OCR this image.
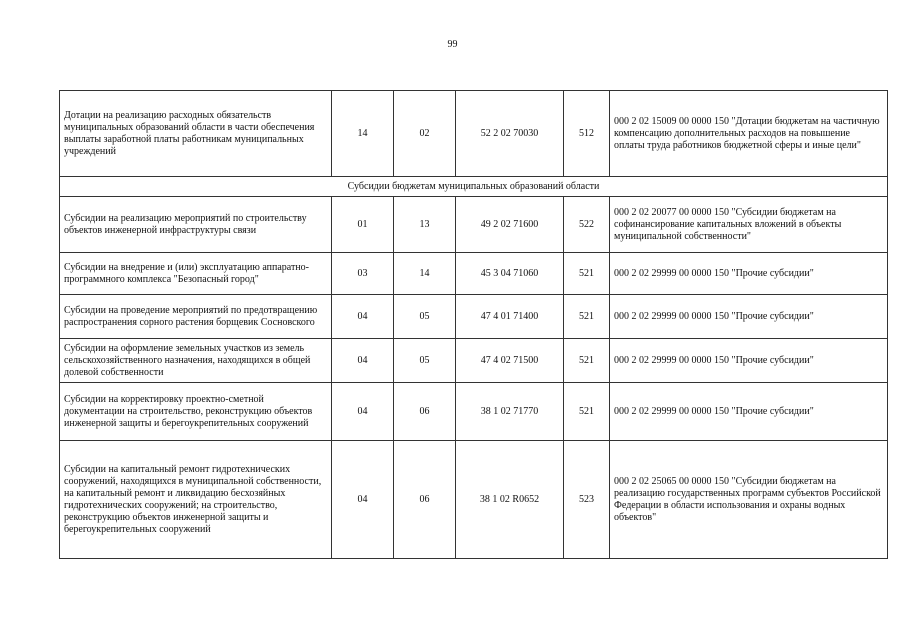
99
Дотации на реализацию расходных обязательств муниципальных образований области в части обеспечения выплаты заработной платы работникам муниципальных учреждений	14	02	52 2 02 70030	512	000 2 02 15009 00 0000 150 "Дотации бюджетам на частичную компенсацию дополнительных расходов на повышение оплаты труда работников бюджетной сферы и иные цели"
Субсидии бюджетам муниципальных образований области					
Субсидии на реализацию мероприятий по строительству объектов инженерной инфраструктуры связи	01	13	49 2 02 71600	522	000 2 02 20077 00 0000 150 "Субсидии бюджетам на софинансирование капитальных вложений в объекты муниципальной собственности"
Субсидии на внедрение и (или) эксплуатацию аппаратно-программного комплекса "Безопасный город"	03	14	45 3 04 71060	521	000 2 02 29999 00 0000 150 "Прочие субсидии"
Субсидии на проведение мероприятий по предотвращению распространения сорного растения борщевик Сосновского	04	05	47 4 01 71400	521	000 2 02 29999 00 0000 150 "Прочие субсидии"
Субсидии на оформление земельных участков из земель сельскохозяйственного назначения, находящихся в общей долевой собственности	04	05	47 4 02 71500	521	000 2 02 29999 00 0000 150 "Прочие субсидии"
Субсидии на корректировку проектно-сметной документации на строительство, реконструкцию объектов инженерной защиты и берегоукрепительных сооружений	04	06	38 1 02 71770	521	000 2 02 29999 00 0000 150 "Прочие субсидии"
Субсидии на капитальный ремонт гидротехнических сооружений, находящихся в муниципальной собственности, на капитальный ремонт и ликвидацию бесхозяйных гидротехнических сооружений; на строительство, реконструкцию объектов инженерной защиты и берегоукрепительных сооружений	04	06	38 1 02 R0652	523	000 2 02 25065 00 0000 150 "Субсидии бюджетам на реализацию государственных программ субъектов Российской Федерации в области использования и охраны водных объектов"
